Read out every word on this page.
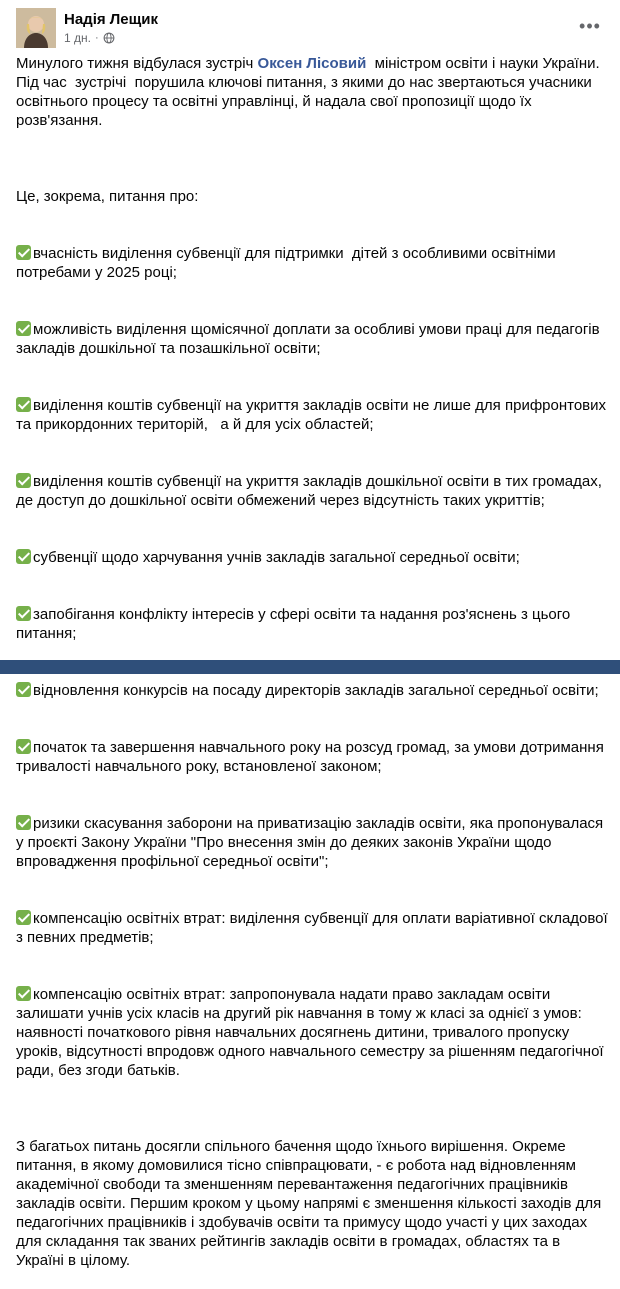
Надія Лещик
1 дн. ·
•••
Минулого тижня відбулася зустріч Оксен Лісовий  міністром освіти і науки України.
Під час  зустрічі  порушила ключові питання, з якими до нас звертаються учасники освітнього процесу та освітні управлінці, й надала свої пропозиції щодо їх розв'язання.

Це, зокрема, питання про:

вчасність виділення субвенції для підтримки  дітей з особливими освітніми потребами у 2025 році;

можливість виділення щомісячної доплати за особливі умови праці для педагогів закладів дошкільної та позашкільної освіти;

виділення коштів субвенції на укриття закладів освіти не лише для прифронтових та прикордонних територій,   а й для усіх областей;

виділення коштів субвенції на укриття закладів дошкільної освіти в тих громадах, де доступ до дошкільної освіти обмежений через відсутність таких укриттів;

субвенції щодо харчування учнів закладів загальної середньої освіти;

запобігання конфлікту інтересів у сфері освіти та надання роз'яснень з цього питання;

відновлення конкурсів на посаду директорів закладів загальної середньої освіти;

початок та завершення навчального року на розсуд громад, за умови дотримання тривалості навчального року, встановленої законом;

ризики скасування заборони на приватизацію закладів освіти, яка пропонувалася у проєкті Закону України "Про внесення змін до деяких законів України щодо впровадження профільної середньої освіти";

компенсацію освітніх втрат: виділення субвенції для оплати варіативної складової з певних предметів;

компенсацію освітніх втрат: запропонувала надати право закладам освіти залишати учнів усіх класів на другий рік навчання в тому ж класі за однієї з умов: наявності початкового рівня навчальних досягнень дитини, тривалого пропуску уроків, відсутності впродовж одного навчального семестру за рішенням педагогічної ради, без згоди батьків.

З багатьох питань досягли спільного бачення щодо їхнього вирішення. Окреме питання, в якому домовилися тісно співпрацювати, - є робота над відновленням академічної свободи та зменшенням перевантаження педагогічних працівників закладів освіти. Першим кроком у цьому напрямі є зменшення кількості заходів для педагогічних працівників і здобувачів освіти та примусу щодо участі у цих заходах для складання так званих рейтингів закладів освіти в громадах, областях та в Україні в цілому.
